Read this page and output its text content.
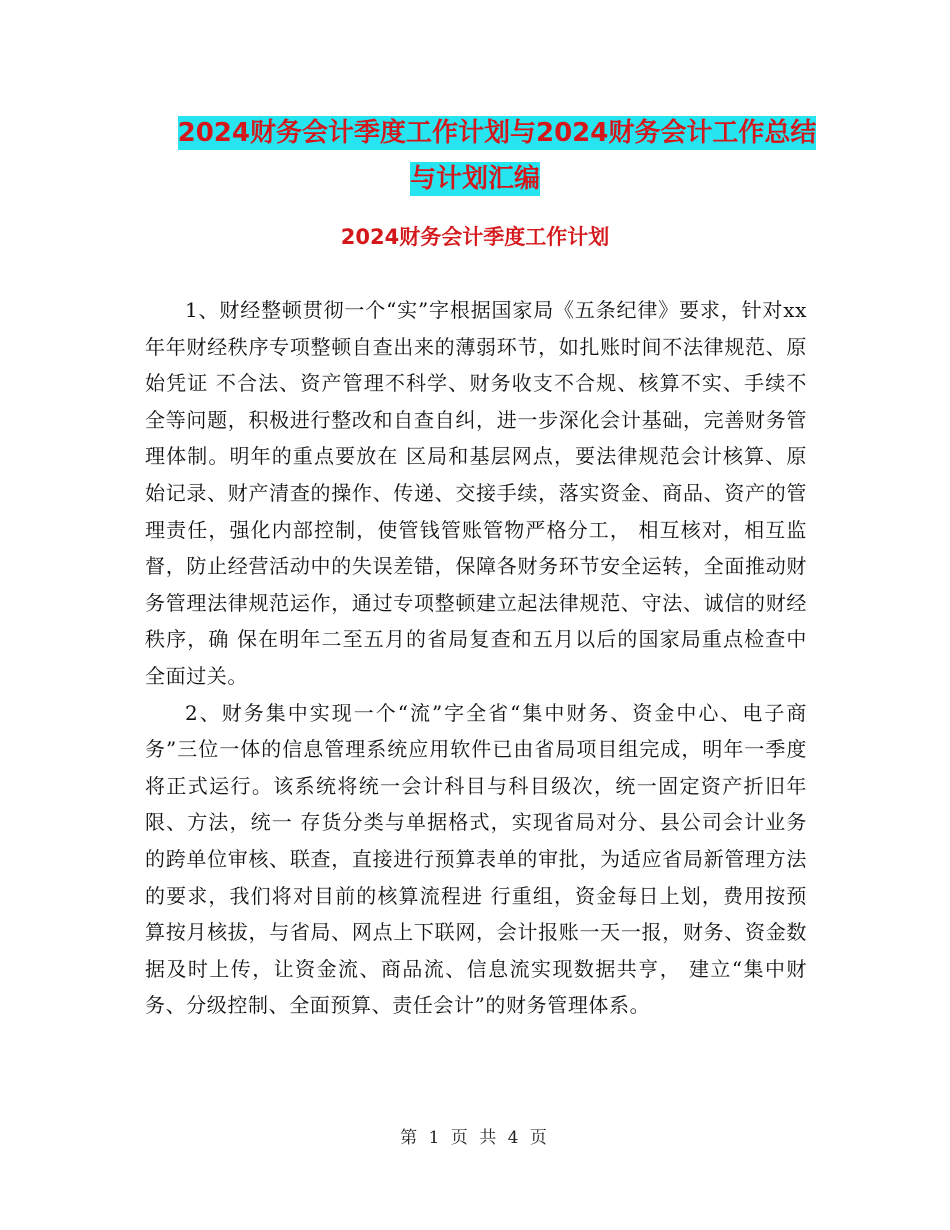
2024财务会计季度工作计划与2024财务会计工作总结
与计划汇编
2024财务会计季度工作计划

1、财经整顿贯彻一个“实”字根据国家局《五条纪律》要求，针对xx年年财经秩序专项整顿自查出来的薄弱环节，如扎账时间不法律规范、原始凭证 不合法、资产管理不科学、财务收支不合规、核算不实、手续不全等问题，积极进行整改和自查自纠，进一步深化会计基础，完善财务管理体制。明年的重点要放在 区局和基层网点，要法律规范会计核算、原始记录、财产清查的操作、传递、交接手续，落实资金、商品、资产的管理责任，强化内部控制，使管钱管账管物严格分工， 相互核对，相互监督，防止经营活动中的失误差错，保障各财务环节安全运转，全面推动财务管理法律规范运作，通过专项整顿建立起法律规范、守法、诚信的财经秩序，确 保在明年二至五月的省局复查和五月以后的国家局重点检查中全面过关。

2、财务集中实现一个“流”字全省“集中财务、资金中心、电子商务”三位一体的信息管理系统应用软件已由省局项目组完成，明年一季度将正式运行。该系统将统一会计科目与科目级次，统一固定资产折旧年限、方法，统一 存货分类与单据格式，实现省局对分、县公司会计业务的跨单位审核、联查，直接进行预算表单的审批，为适应省局新管理方法的要求，我们将对目前的核算流程进 行重组，资金每日上划，费用按预算按月核拔，与省局、网点上下联网，会计报账一天一报，财务、资金数据及时上传，让资金流、商品流、信息流实现数据共亨， 建立“集中财务、分级控制、全面预算、责任会计”的财务管理体系。

第 1 页 共 4 页
